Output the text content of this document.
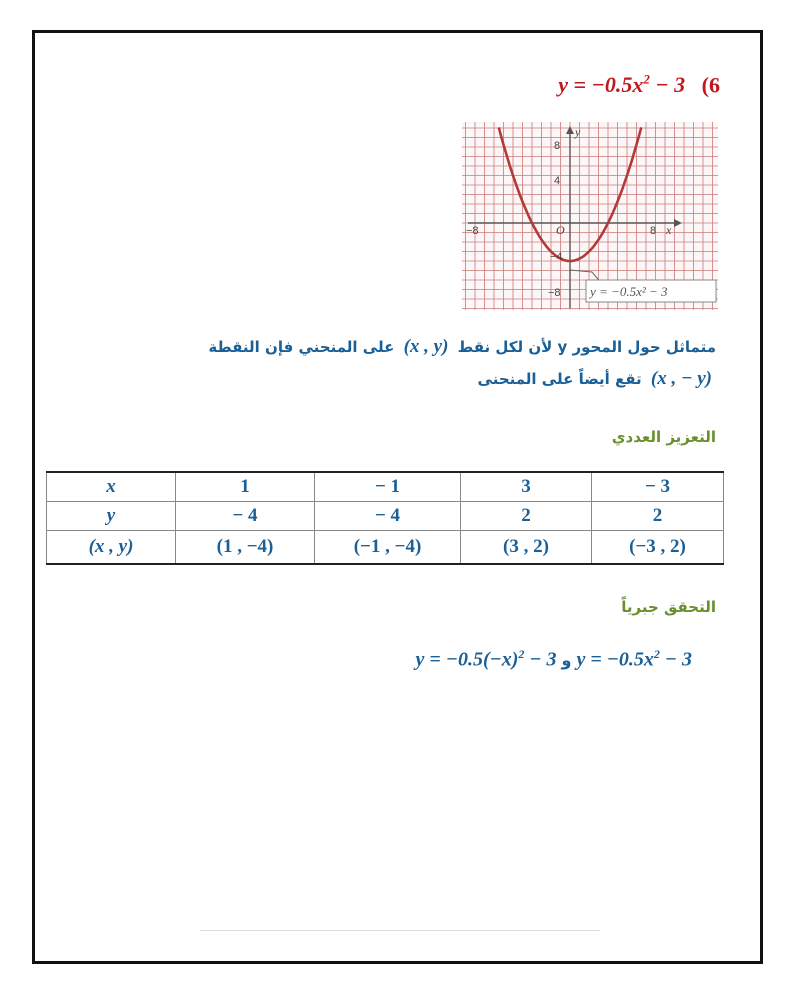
$y = -0.5x^2 - 3$ (6
y
x
O
8
4
−4
−8
−8	8
y = −0.5x² − 3
متماثل حول المحور y لأن لكل نقط (x , y) على المنحني فإن النقطة
(x , − y) تقع أيضاً على المنحنى
التعزيز العددي
x	1	− 1	3	− 3
y	− 4	− 4	2	2
(x , y)	(1 , −4)	(−1 , −4)	(3 , 2)	(−3 , 2)
التحقق جبرياً
$y = -0.5(-x)^2 - 3$ و $y = -0.5x^2 - 3$
